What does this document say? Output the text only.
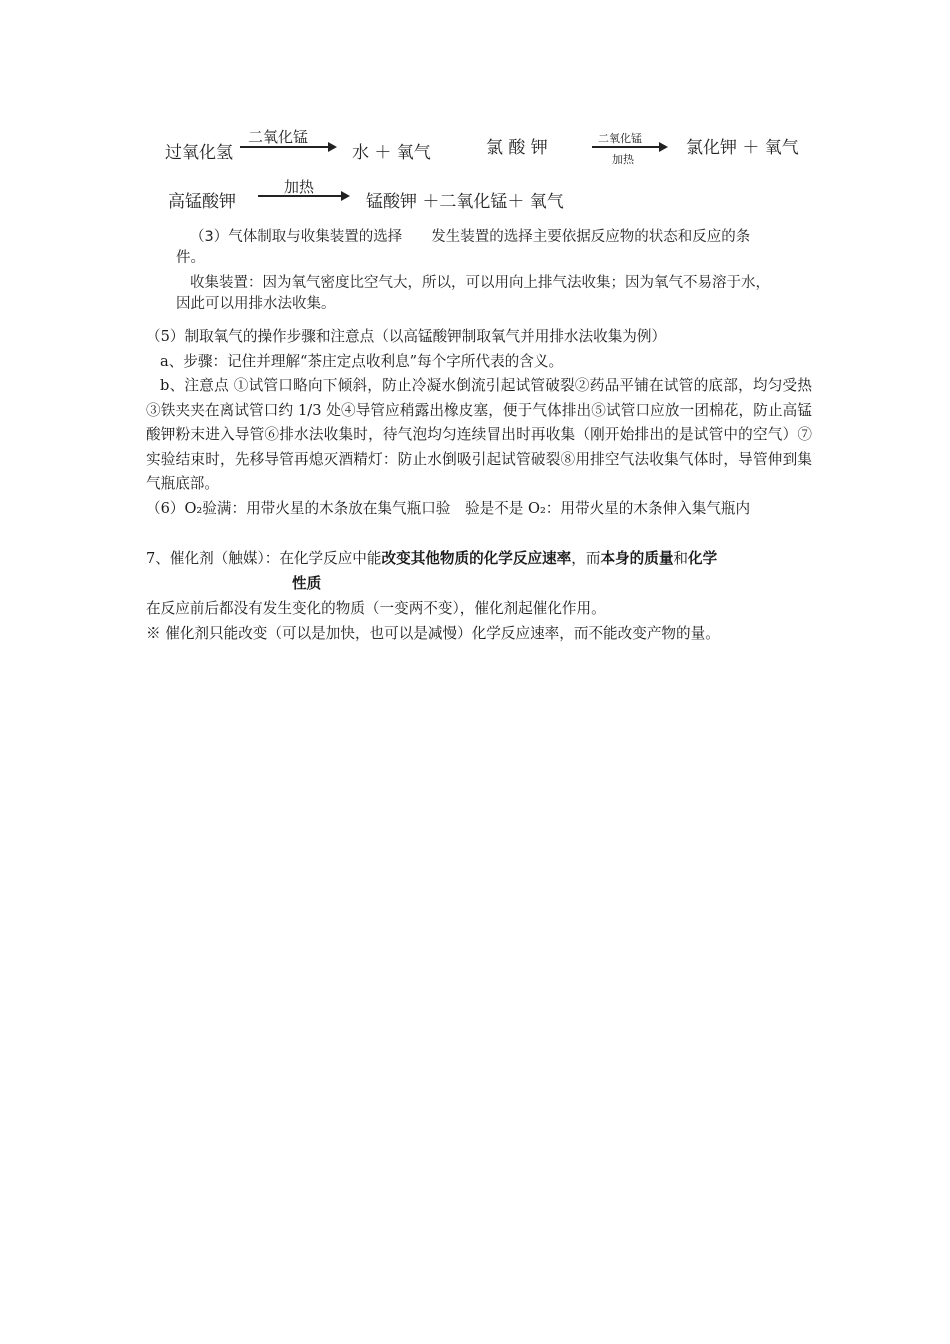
过氧化氢
二氧化锰
水 ＋ 氧气	氯 酸 钾	二氧化锰
加热
氯化钾 ＋ 氧气
高锰酸钾
加热
锰酸钾 ＋二氧化锰＋ 氧气
（3）气体制取与收集装置的选择　　发生装置的选择主要依据反应物的状态和反应的条
件。
收集装置：因为氧气密度比空气大，所以，可以用向上排气法收集；因为氧气不易溶于水，
因此可以用排水法收集。
（5）制取氧气的操作步骤和注意点（以高锰酸钾制取氧气并用排水法收集为例）
a、步骤：记住并理解“茶庄定点收利息”每个字所代表的含义。
b、注意点 ①试管口略向下倾斜，防止冷凝水倒流引起试管破裂②药品平铺在试管的底部，均匀受热③铁夹夹在离试管口约 1/3 处④导管应稍露出橡皮塞，便于气体排出⑤试管口应放一团棉花，防止高锰酸钾粉末进入导管⑥排水法收集时，待气泡均匀连续冒出时再收集（刚开始排出的是试管中的空气）⑦实验结束时，先移导管再熄灭酒精灯：防止水倒吸引起试管破裂⑧用排空气法收集气体时，导管伸到集气瓶底部。
（6）O₂验满：用带火星的木条放在集气瓶口验　验是不是 O₂：用带火星的木条伸入集气瓶内
7、催化剂（触媒）：在化学反应中能改变其他物质的化学反应速率，而本身的质量和化学
性质
在反应前后都没有发生变化的物质（一变两不变），催化剂起催化作用。
※ 催化剂只能改变（可以是加快，也可以是减慢）化学反应速率，而不能改变产物的量。
